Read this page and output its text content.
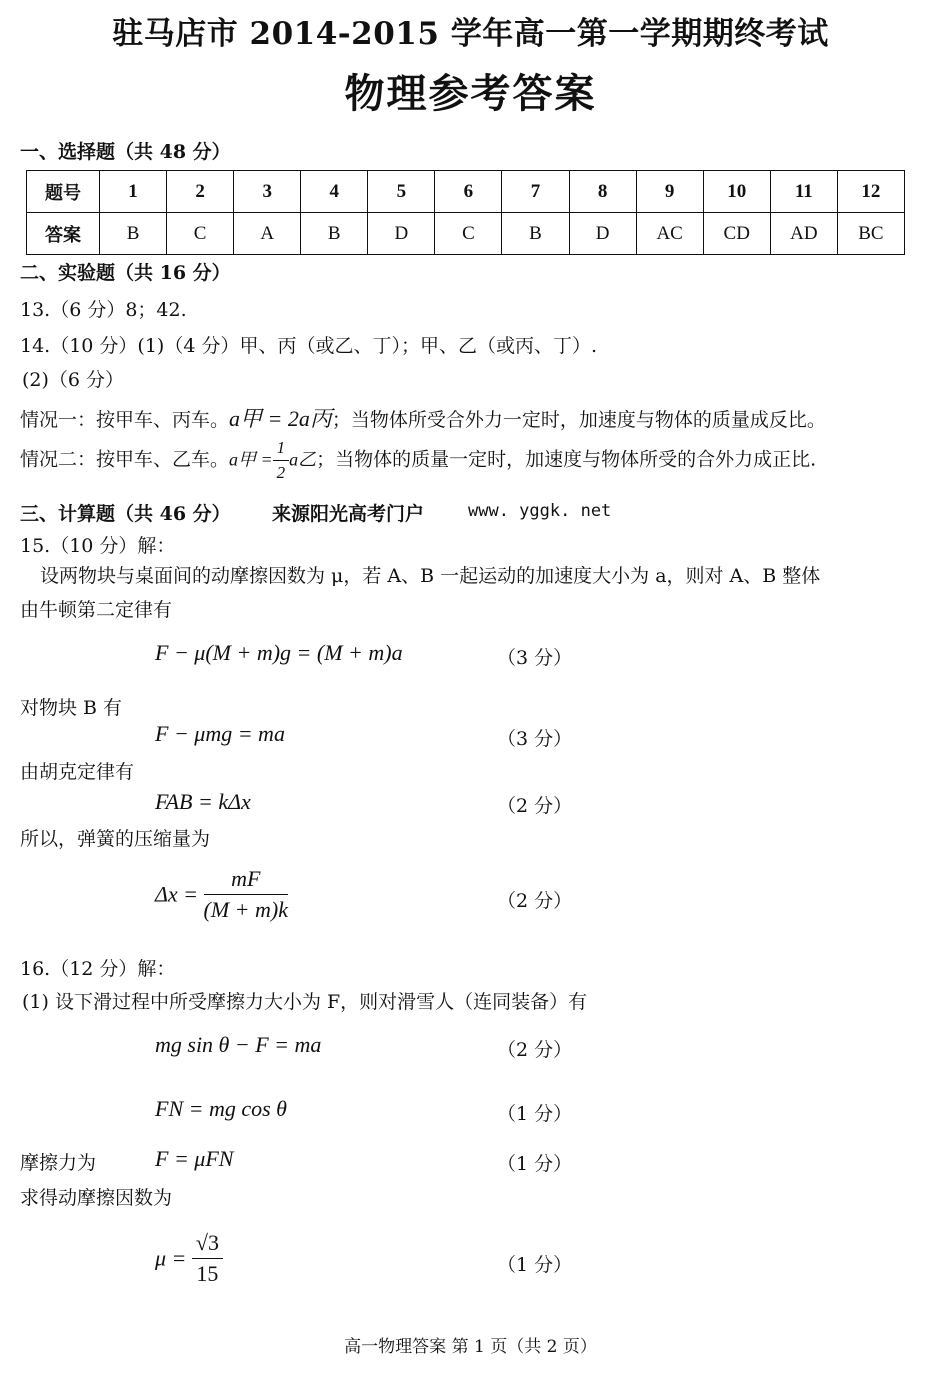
驻马店市 2014-2015 学年高一第一学期期终考试
物理参考答案
一、选择题（共 48 分）
题号	1	2	3	4	5	6	7	8	9	10	11	12
答案	B	C	A	B	D	C	B	D	AC	CD	AD	BC
二、实验题（共 16 分）
13.（6 分）8；42.
14.（10 分）(1)（4 分）甲、丙（或乙、丁）；甲、乙（或丙、丁）.
(2)（6 分）
情况一：按甲车、丙车。a甲 = 2a丙；当物体所受合外力一定时，加速度与物体的质量成反比。
情况二：按甲车、乙车。a甲 = $\frac{1}{2}$ a乙；当物体的质量一定时，加速度与物体所受的合外力成正比.
三、计算题（共 46 分） 来源阳光高考门户	www. yggk. net
15.（10 分）解：
设两物块与桌面间的动摩擦因数为 μ，若 A、B 一起运动的加速度大小为 a，则对 A、B 整体
由牛顿第二定律有
F − μ(M + m)g = (M + m)a	（3 分）
对物块 B 有
F − μmg = ma	（3 分）
由胡克定律有
FAB = kΔx	（2 分）
所以，弹簧的压缩量为
$\Delta x = \frac{mF}{(M + m)k}$	（2 分）
16.（12 分）解：
(1) 设下滑过程中所受摩擦力大小为 F，则对滑雪人（连同装备）有
mg sin θ − F = ma	（2 分）
FN = mg cos θ	（1 分）
摩擦力为	F = μFN	（1 分）
求得动摩擦因数为
$\mu = \frac{√3}{15}$	（1 分）
高一物理答案 第 1 页（共 2 页）
